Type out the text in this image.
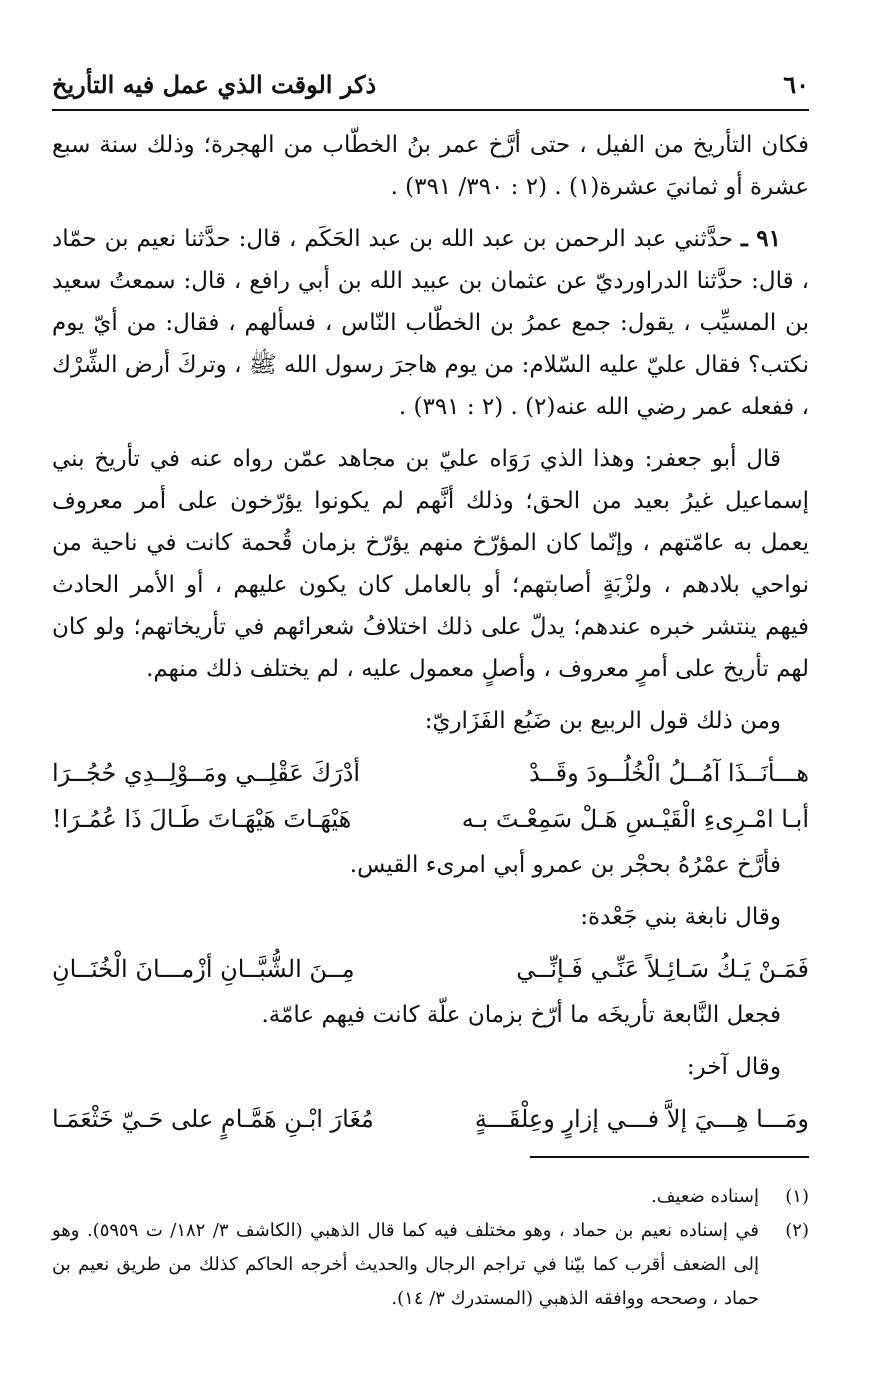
٦٠
ذكر الوقت الذي عمل فيه التأريخ

فكان التأريخ من الفيل ، حتى أرَّخ عمر بنُ الخطّاب من الهجرة؛ وذلك سنة سبع عشرة أو ثمانيَ عشرة(١) . (٢ : ٣٩٠/ ٣٩١) .

٩١ ـ حدَّثني عبد الرحمن بن عبد الله بن عبد الحَكَم ، قال: حدَّثنا نعيم بن حمّاد ، قال: حدَّثنا الدراورديّ عن عثمان بن عبيد الله بن أبي رافع ، قال: سمعتُ سعيد بن المسيِّب ، يقول: جمع عمرُ بن الخطّاب النّاس ، فسألهم ، فقال: من أيّ يوم نكتب؟ فقال عليّ عليه السّلام: من يوم هاجرَ رسول الله ﷺ ، وتركَ أرض الشِّرْك ، ففعله عمر رضي الله عنه(٢) . (٢ : ٣٩١) .

قال أبو جعفر: وهذا الذي رَوَاه عليّ بن مجاهد عمّن رواه عنه في تأريخ بني إسماعيل غيرُ بعيد من الحق؛ وذلك أنَّهم لم يكونوا يؤرّخون على أمر معروف يعمل به عامّتهم ، وإنّما كان المؤرّخ منهم يؤرّخ بزمان قُحمة كانت في ناحية من نواحي بلادهم ، ولزْبَةٍ أصابتهم؛ أو بالعامل كان يكون عليهم ، أو الأمر الحادث فيهم ينتشر خبره عندهم؛ يدلّ على ذلك اختلافُ شعرائهم في تأريخاتهم؛ ولو كان لهم تأريخ على أمرٍ معروف ، وأصلٍ معمول عليه ، لم يختلف ذلك منهم.

ومن ذلك قول الربيع بن ضَبُع الفَزَاريّ:

هـــأنَــذَا آمُــلُ الْخُلُــودَ وقَــدْ
أدْرَكَ عَقْلِــي ومَــوْلِــدِي حُجُــرَا
أبـا امْـرِىءِ الْقَيْـسِ هَـلْ سَمِعْـتَ بـه
هَيْهَـاتَ هَيْهَـاتَ طَـالَ ذَا عُمُـرَا!

فأرَّخ عمْرُهُ بحجْر بن عمرو أبي امرىء القيس.

وقال نابغة بني جَعْدة:

فَمَـنْ يَـكُ سَـائِـلاً عَنِّـي فَـإنِّــي
مِــنَ الشُّبَّــانِ أزْمـــانَ الْخُنَــانِ

فجعل النَّابعة تأريخَه ما أرّخ بزمان علّة كانت فيهم عامّة.

وقال آخر:

ومَـــا هِـــيَ إلاَّ فـــي إزارٍ وعِلْقَـــةٍ
مُغَارَ ابْـنِ هَمَّـامٍ على حَـيّ خَثْعَمَـا
(١)
إسناده ضعيف.
(٢)
في إسناده نعيم بن حماد ، وهو مختلف فيه كما قال الذهبي (الكاشف ٣/ ١٨٢/ ت ٥٩٥٩). وهو إلى الضعف أقرب كما بيّنا في تراجم الرجال والحديث أخرجه الحاكم كذلك من طريق نعيم بن حماد ، وصححه ووافقه الذهبي (المستدرك ٣/ ١٤).
